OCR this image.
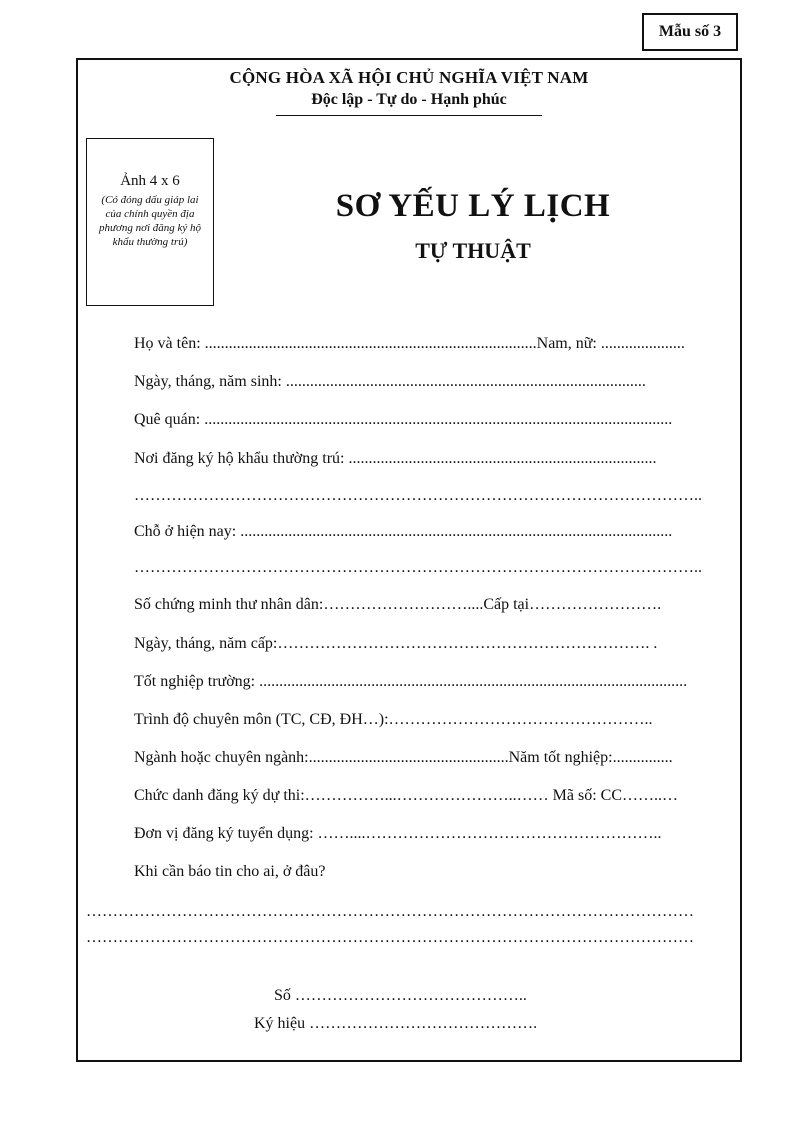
Mẫu số 3
CỘNG HÒA XÃ HỘI CHỦ NGHĨA VIỆT NAM
Độc lập - Tự do - Hạnh phúc
Ảnh 4 x 6
(Có đóng dấu giáp lai của chính quyền địa phương nơi đăng ký hộ khẩu thường trú)
SƠ YẾU LÝ LỊCH
TỰ THUẬT
Họ và tên: ...................................................................................Nam, nữ: .....................
Ngày, tháng, năm sinh: ..........................................................................................
Quê quán: .....................................................................................................................
Nơi đăng ký hộ khẩu thường trú: .............................................................................
……………………………………………………………………………………………..
Chỗ ở hiện nay: ............................................................................................................
……………………………………………………………………………………………..
Số chứng minh thư nhân dân:………………………....Cấp tại…………………….
Ngày, tháng, năm cấp:……………………………………………………………. .
Tốt nghiệp trường: ...........................................................................................................
Trình độ chuyên môn (TC, CĐ, ĐH…):…………………………………………..
Ngành hoặc chuyên ngành:..................................................Năm tốt nghiệp:...............
Chức danh đăng ký dự thi:……………...…………………..…… Mã số: CC……..…
Đơn vị đăng ký tuyển dụng: ……....………………………………………………..
Khi cần báo tin cho ai, ở đâu?
……………………………………………………………………………………………………
……………………………………………………………………………………………………
Số ……………………………………..
Ký hiệu …………………………………….
